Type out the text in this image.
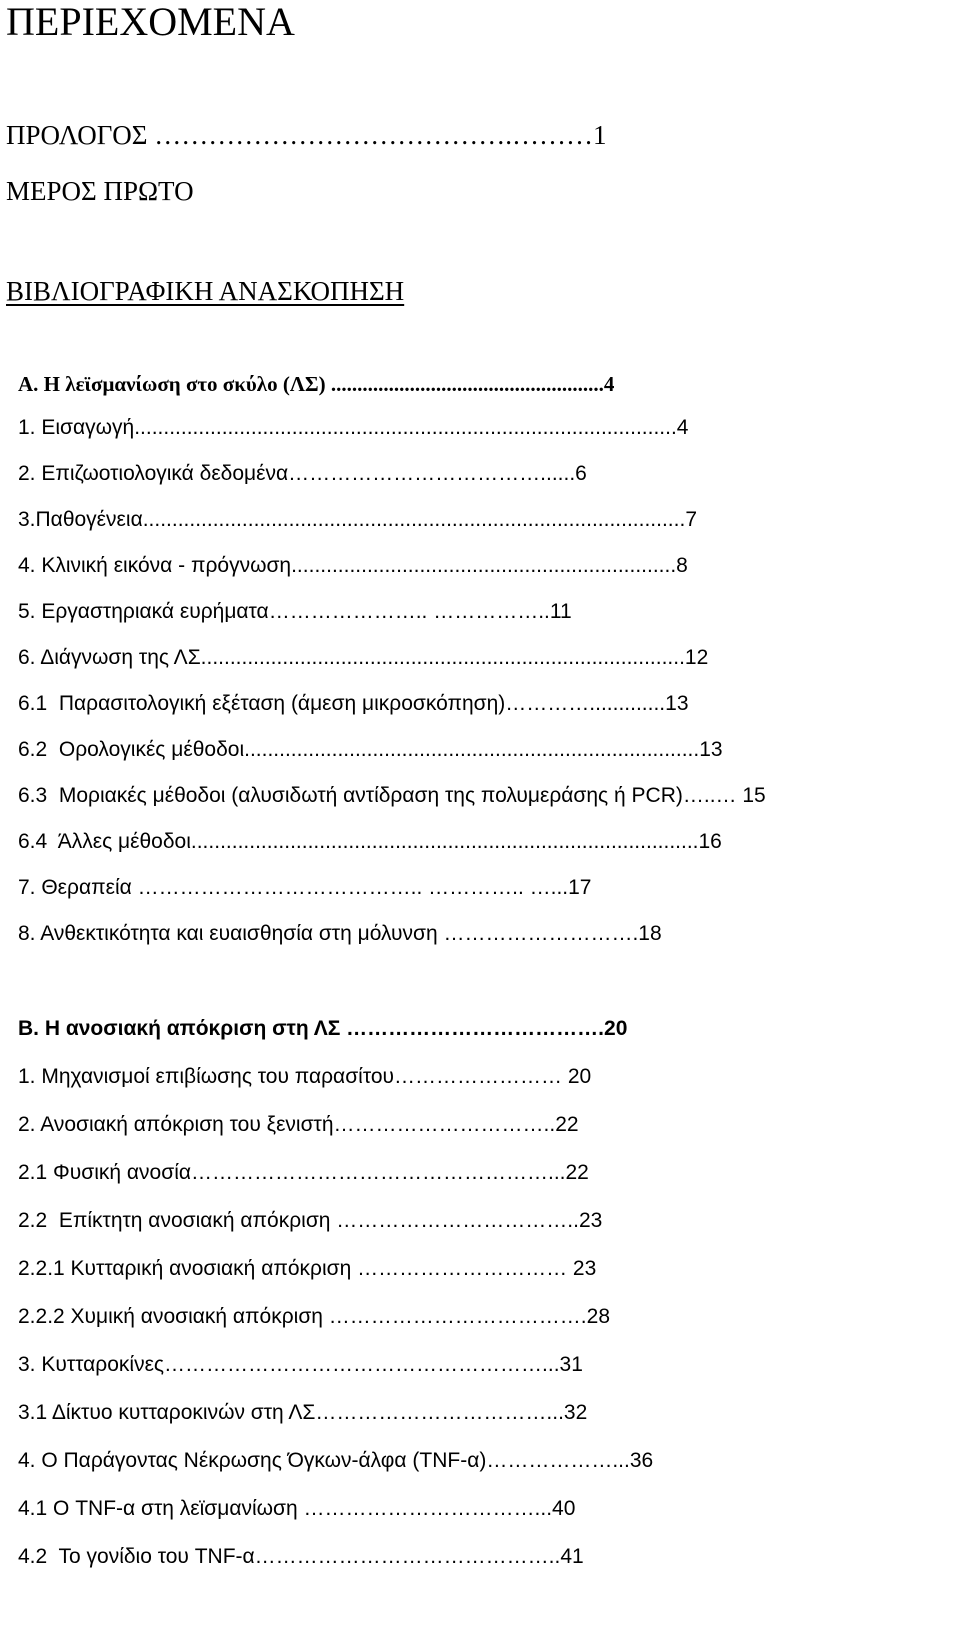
ΠΕΡΙΕΧΟΜΕΝΑ
ΠΡΟΛΟΓΟΣ ………………………………….………1
ΜΕΡΟΣ ΠΡΩΤΟ
ΒΙΒΛΙΟΓΡΑΦΙΚΗ ΑΝΑΣΚΟΠΗΣΗ
Α. Η λεϊσμανίωση στο σκύλο (ΛΣ) ....................................................4
1. Εισαγωγή.............................................................................................4
2. Επιζωοτιολογικά δεδομένα………………………………......6
3.Παθογένεια.............................................................................................7
4. Κλινική εικόνα - πρόγνωση..................................................................8
5. Εργαστηριακά ευρήματα………………….. ……………..11
6. Διάγνωση της ΛΣ...................................................................................12
6.1  Παρασιτολογική εξέταση (άμεση μικροσκόπηση)………….............13
6.2  Ορολογικές μέθοδοι..............................................................................13
6.3  Μοριακές μέθοδοι (αλυσιδωτή αντίδραση της πολυμεράσης ή PCR)…..… 15
6.4  Άλλες μέθοδοι.......................................................................................16
7. Θεραπεία ………………………………….. ………….. …...17
8. Ανθεκτικότητα και ευαισθησία στη μόλυνση ……………………….18
Β. Η ανοσιακή απόκριση στη ΛΣ ……………………………….20
1. Μηχανισμοί επιβίωσης του παρασίτου…………………… 20
2. Ανοσιακή απόκριση του ξενιστή…………………………..22
2.1 Φυσική ανοσία……………………………………………...22
2.2  Επίκτητη ανοσιακή απόκριση ……………………………..23
2.2.1 Κυτταρική ανοσιακή απόκριση ………………………… 23
2.2.2 Χυμική ανοσιακή απόκριση ……………………………….28
3. Κυτταροκίνες………………………………………………...31
3.1 Δίκτυο κυτταροκινών στη ΛΣ……………………………...32
4. Ο Παράγοντας Νέκρωσης Όγκων-άλφα (TNF-α)………………...36
4.1 Ο TNF-α στη λεϊσμανίωση ……………………………...40
4.2  Το γονίδιο του TNF-α……………………………………..41
